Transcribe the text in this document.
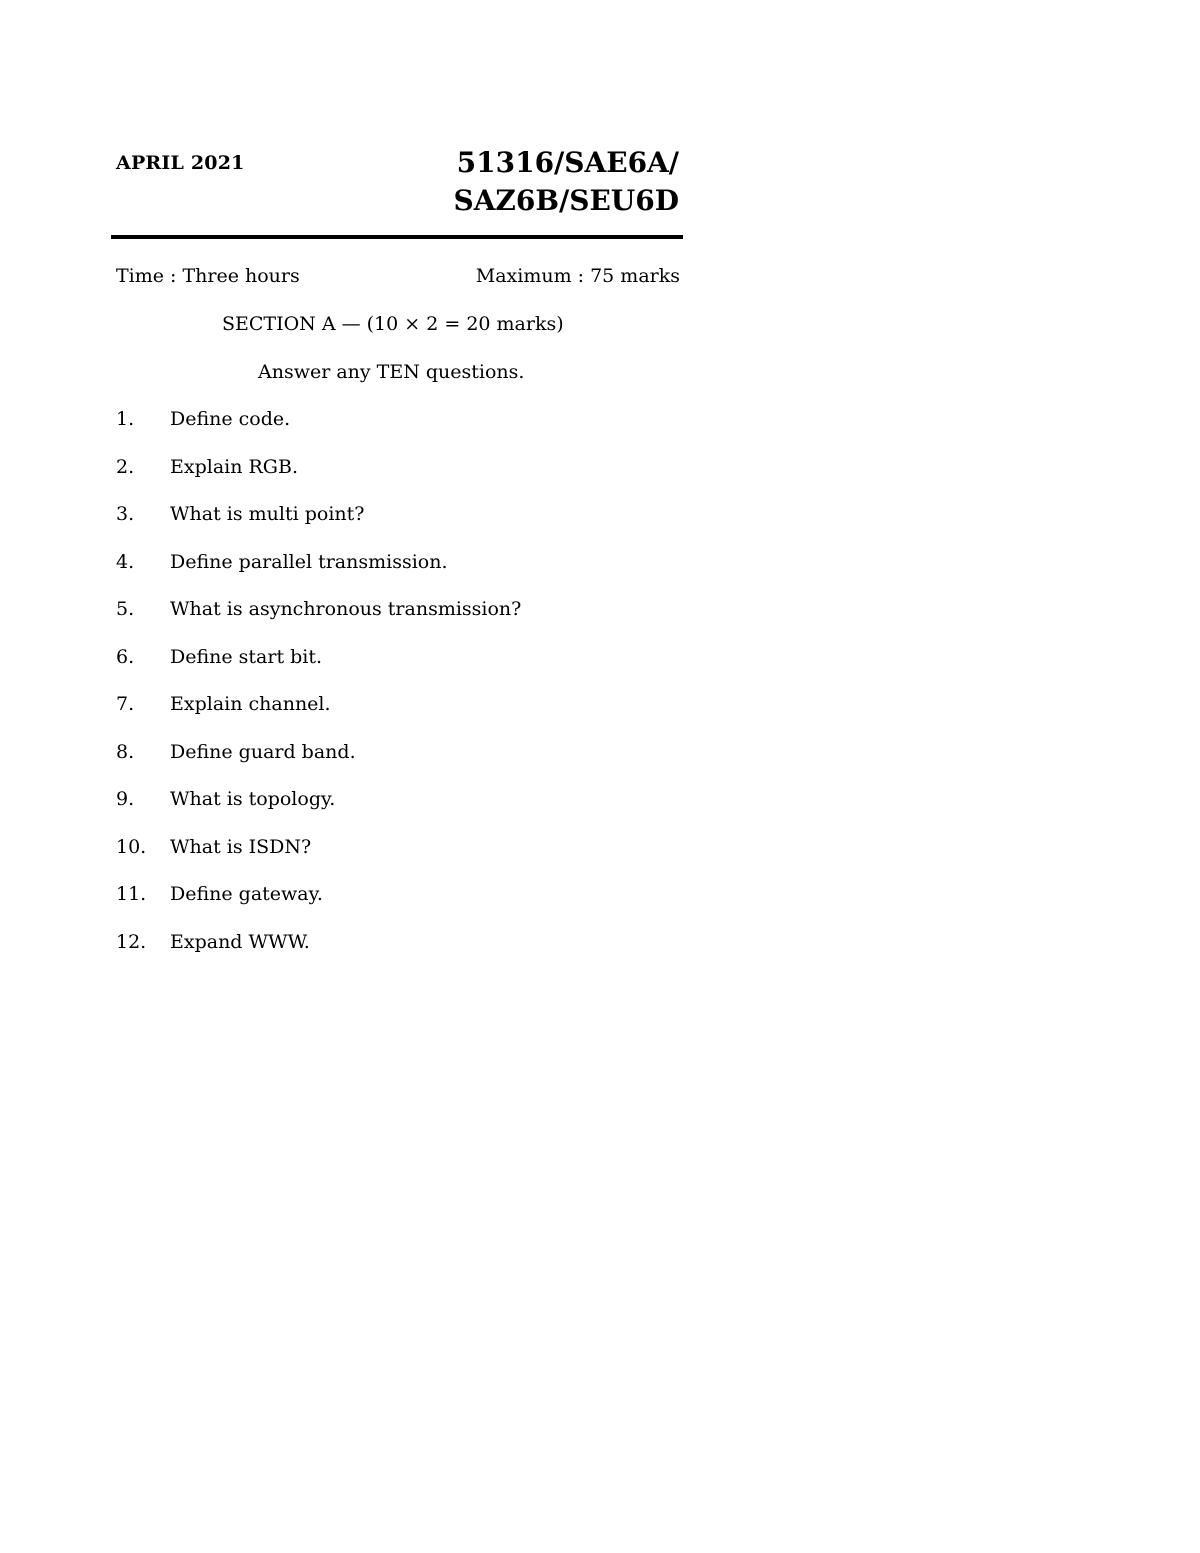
APRIL 2021	51316/SAE6A/
SAZ6B/SEU6D
Time : Three hours	Maximum : 75 marks
SECTION A — (10 × 2 = 20 marks)
Answer any TEN questions.
1.	Define code.
2.	Explain RGB.
3.	What is multi point?
4.	Define parallel transmission.
5.	What is asynchronous transmission?
6.	Define start bit.
7.	Explain channel.
8.	Define guard band.
9.	What is topology.
10.	What is ISDN?
11.	Define gateway.
12.	Expand WWW.
